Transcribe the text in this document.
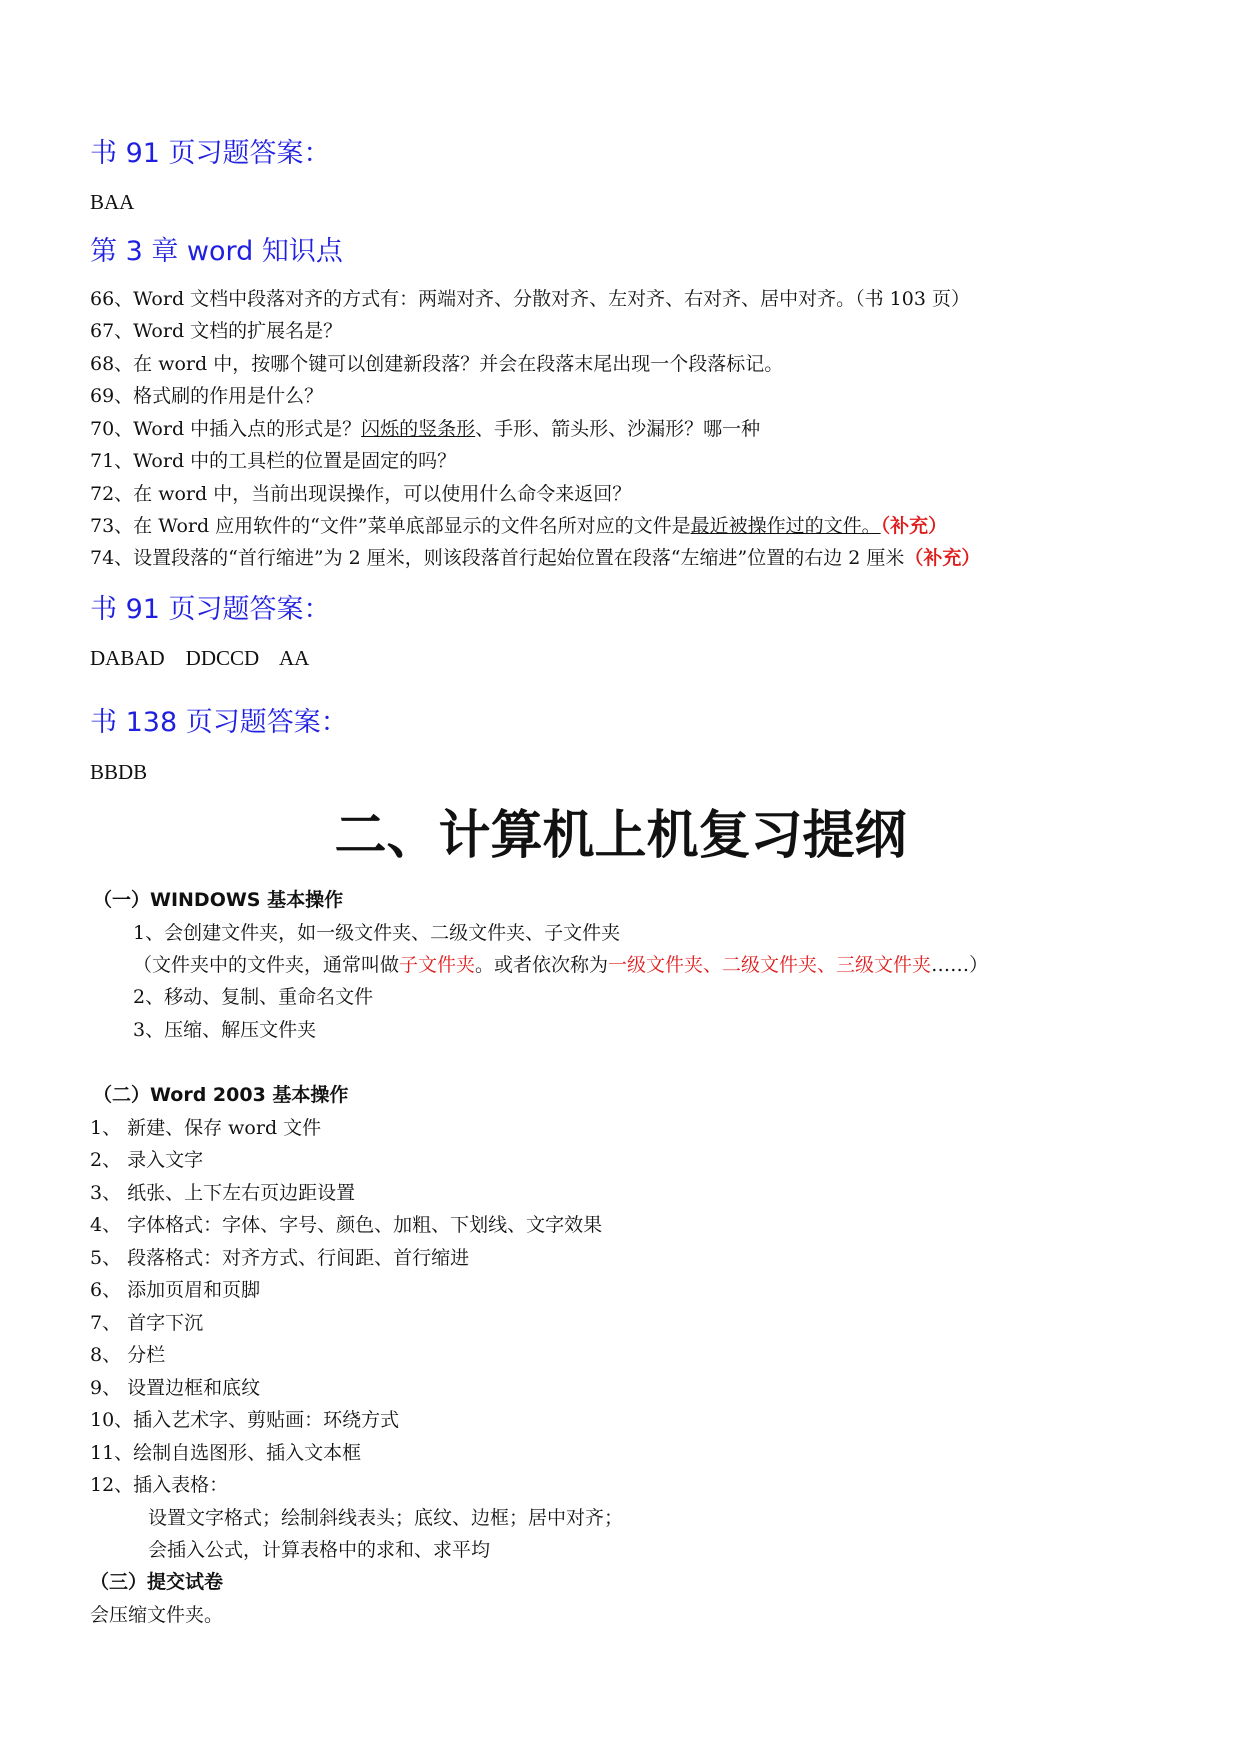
书 91 页习题答案：
BAA
第 3 章 word 知识点
66、Word 文档中段落对齐的方式有：两端对齐、分散对齐、左对齐、右对齐、居中对齐。（书 103 页）
67、Word 文档的扩展名是？
68、在 word 中，按哪个键可以创建新段落？并会在段落末尾出现一个段落标记。
69、格式刷的作用是什么？
70、Word 中插入点的形式是？闪烁的竖条形、手形、箭头形、沙漏形？哪一种
71、Word 中的工具栏的位置是固定的吗？
72、在 word 中，当前出现误操作，可以使用什么命令来返回？
73、在 Word 应用软件的“文件”菜单底部显示的文件名所对应的文件是最近被操作过的文件。（补充）
74、设置段落的“首行缩进”为 2 厘米，则该段落首行起始位置在段落“左缩进”位置的右边 2 厘米（补充）
书 91 页习题答案：
DABAD    DDCCD    AA
书 138 页习题答案：
BBDB
二、计算机上机复习提纲
（一）WINDOWS 基本操作
1、会创建文件夹，如一级文件夹、二级文件夹、子文件夹
（文件夹中的文件夹，通常叫做子文件夹。或者依次称为一级文件夹、二级文件夹、三级文件夹……）
2、移动、复制、重命名文件
3、压缩、解压文件夹
（二）Word 2003 基本操作
1、 新建、保存 word 文件
2、 录入文字
3、 纸张、上下左右页边距设置
4、 字体格式：字体、字号、颜色、加粗、下划线、文字效果
5、 段落格式：对齐方式、行间距、首行缩进
6、 添加页眉和页脚
7、 首字下沉
8、 分栏
9、 设置边框和底纹
10、插入艺术字、剪贴画：环绕方式
11、绘制自选图形、插入文本框
12、插入表格：
设置文字格式；绘制斜线表头；底纹、边框；居中对齐；
会插入公式，计算表格中的求和、求平均
（三）提交试卷
会压缩文件夹。
